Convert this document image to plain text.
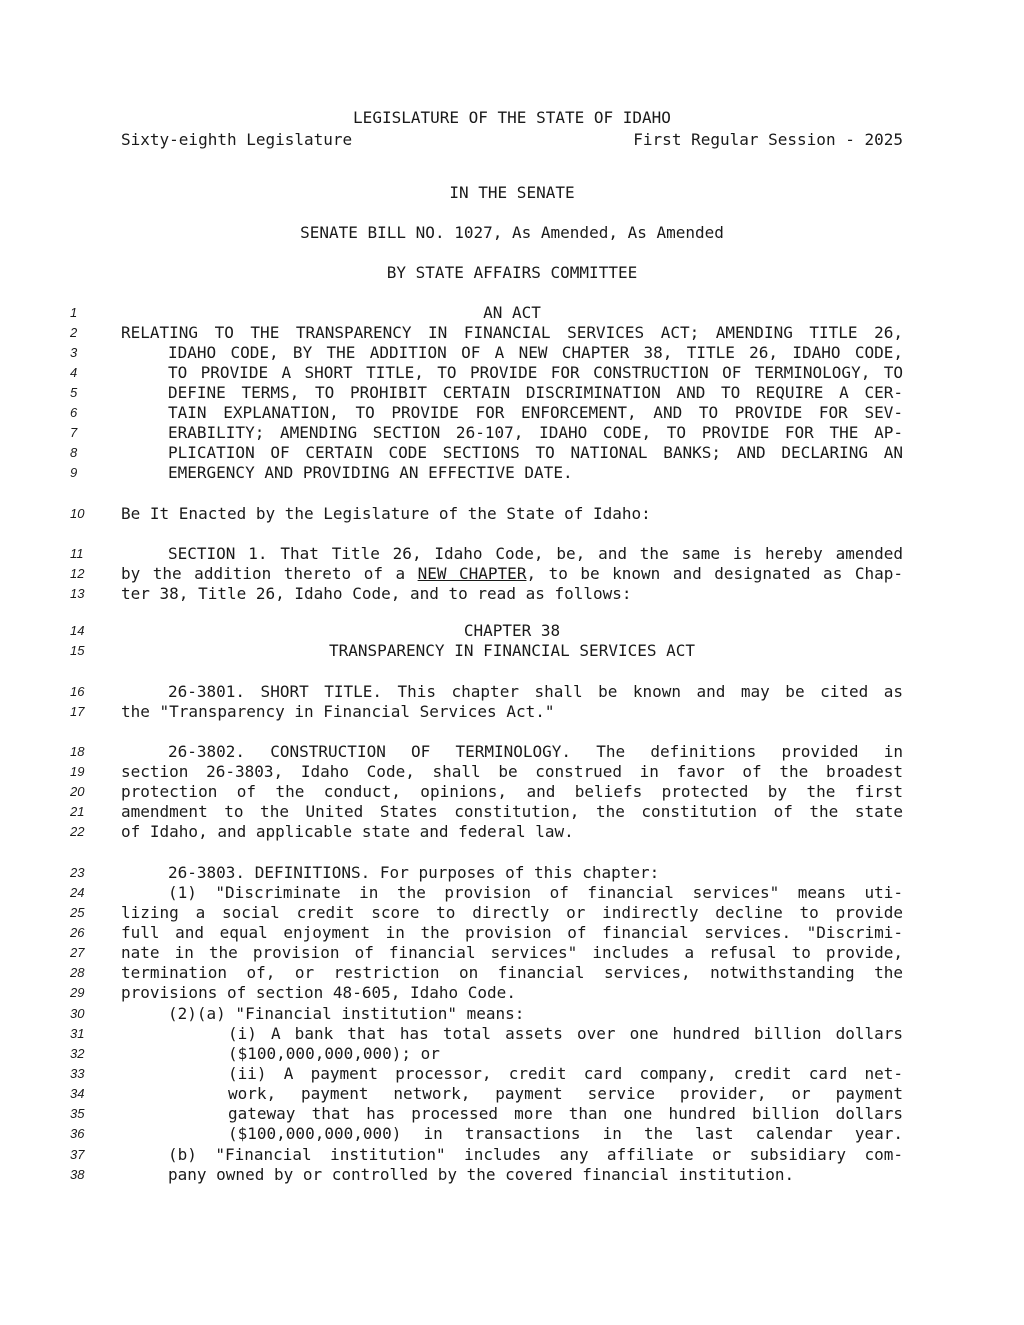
LEGISLATURE OF THE STATE OF IDAHO
Sixty-eighth Legislature	First Regular Session - 2025
IN THE SENATE
SENATE BILL NO. 1027, As Amended, As Amended
BY STATE AFFAIRS COMMITTEE
1	AN ACT
2	RELATING TO THE TRANSPARENCY IN FINANCIAL SERVICES ACT; AMENDING TITLE 26,
3	IDAHO CODE, BY THE ADDITION OF A NEW CHAPTER 38, TITLE 26, IDAHO CODE,
4	TO PROVIDE A SHORT TITLE, TO PROVIDE FOR CONSTRUCTION OF TERMINOLOGY, TO
5	DEFINE TERMS, TO PROHIBIT CERTAIN DISCRIMINATION AND TO REQUIRE A CER-
6	TAIN EXPLANATION, TO PROVIDE FOR ENFORCEMENT, AND TO PROVIDE FOR SEV-
7	ERABILITY; AMENDING SECTION 26-107, IDAHO CODE, TO PROVIDE FOR THE AP-
8	PLICATION OF CERTAIN CODE SECTIONS TO NATIONAL BANKS; AND DECLARING AN
9	EMERGENCY AND PROVIDING AN EFFECTIVE DATE.
10	Be It Enacted by the Legislature of the State of Idaho:
11	SECTION 1. That Title 26, Idaho Code, be, and the same is hereby amended
12	by the addition thereto of a NEW CHAPTER, to be known and designated as Chap-
13	ter 38, Title 26, Idaho Code, and to read as follows:
14	CHAPTER 38
15	TRANSPARENCY IN FINANCIAL SERVICES ACT
16	26-3801. SHORT TITLE. This chapter shall be known and may be cited as
17	the "Transparency in Financial Services Act."
18	26-3802. CONSTRUCTION OF TERMINOLOGY. The definitions provided in
19	section 26-3803, Idaho Code, shall be construed in favor of the broadest
20	protection of the conduct, opinions, and beliefs protected by the first
21	amendment to the United States constitution, the constitution of the state
22	of Idaho, and applicable state and federal law.
23	26-3803. DEFINITIONS. For purposes of this chapter:
24	(1) "Discriminate in the provision of financial services" means uti-
25	lizing a social credit score to directly or indirectly decline to provide
26	full and equal enjoyment in the provision of financial services. "Discrimi-
27	nate in the provision of financial services" includes a refusal to provide,
28	termination of, or restriction on financial services, notwithstanding the
29	provisions of section 48-605, Idaho Code.
30	(2)(a) "Financial institution" means:
31	(i) A bank that has total assets over one hundred billion dollars
32	($100,000,000,000); or
33	(ii) A payment processor, credit card company, credit card net-
34	work, payment network, payment service provider, or payment
35	gateway that has processed more than one hundred billion dollars
36	($100,000,000,000) in transactions in the last calendar year.
37	(b) "Financial institution" includes any affiliate or subsidiary com-
38	pany owned by or controlled by the covered financial institution.
